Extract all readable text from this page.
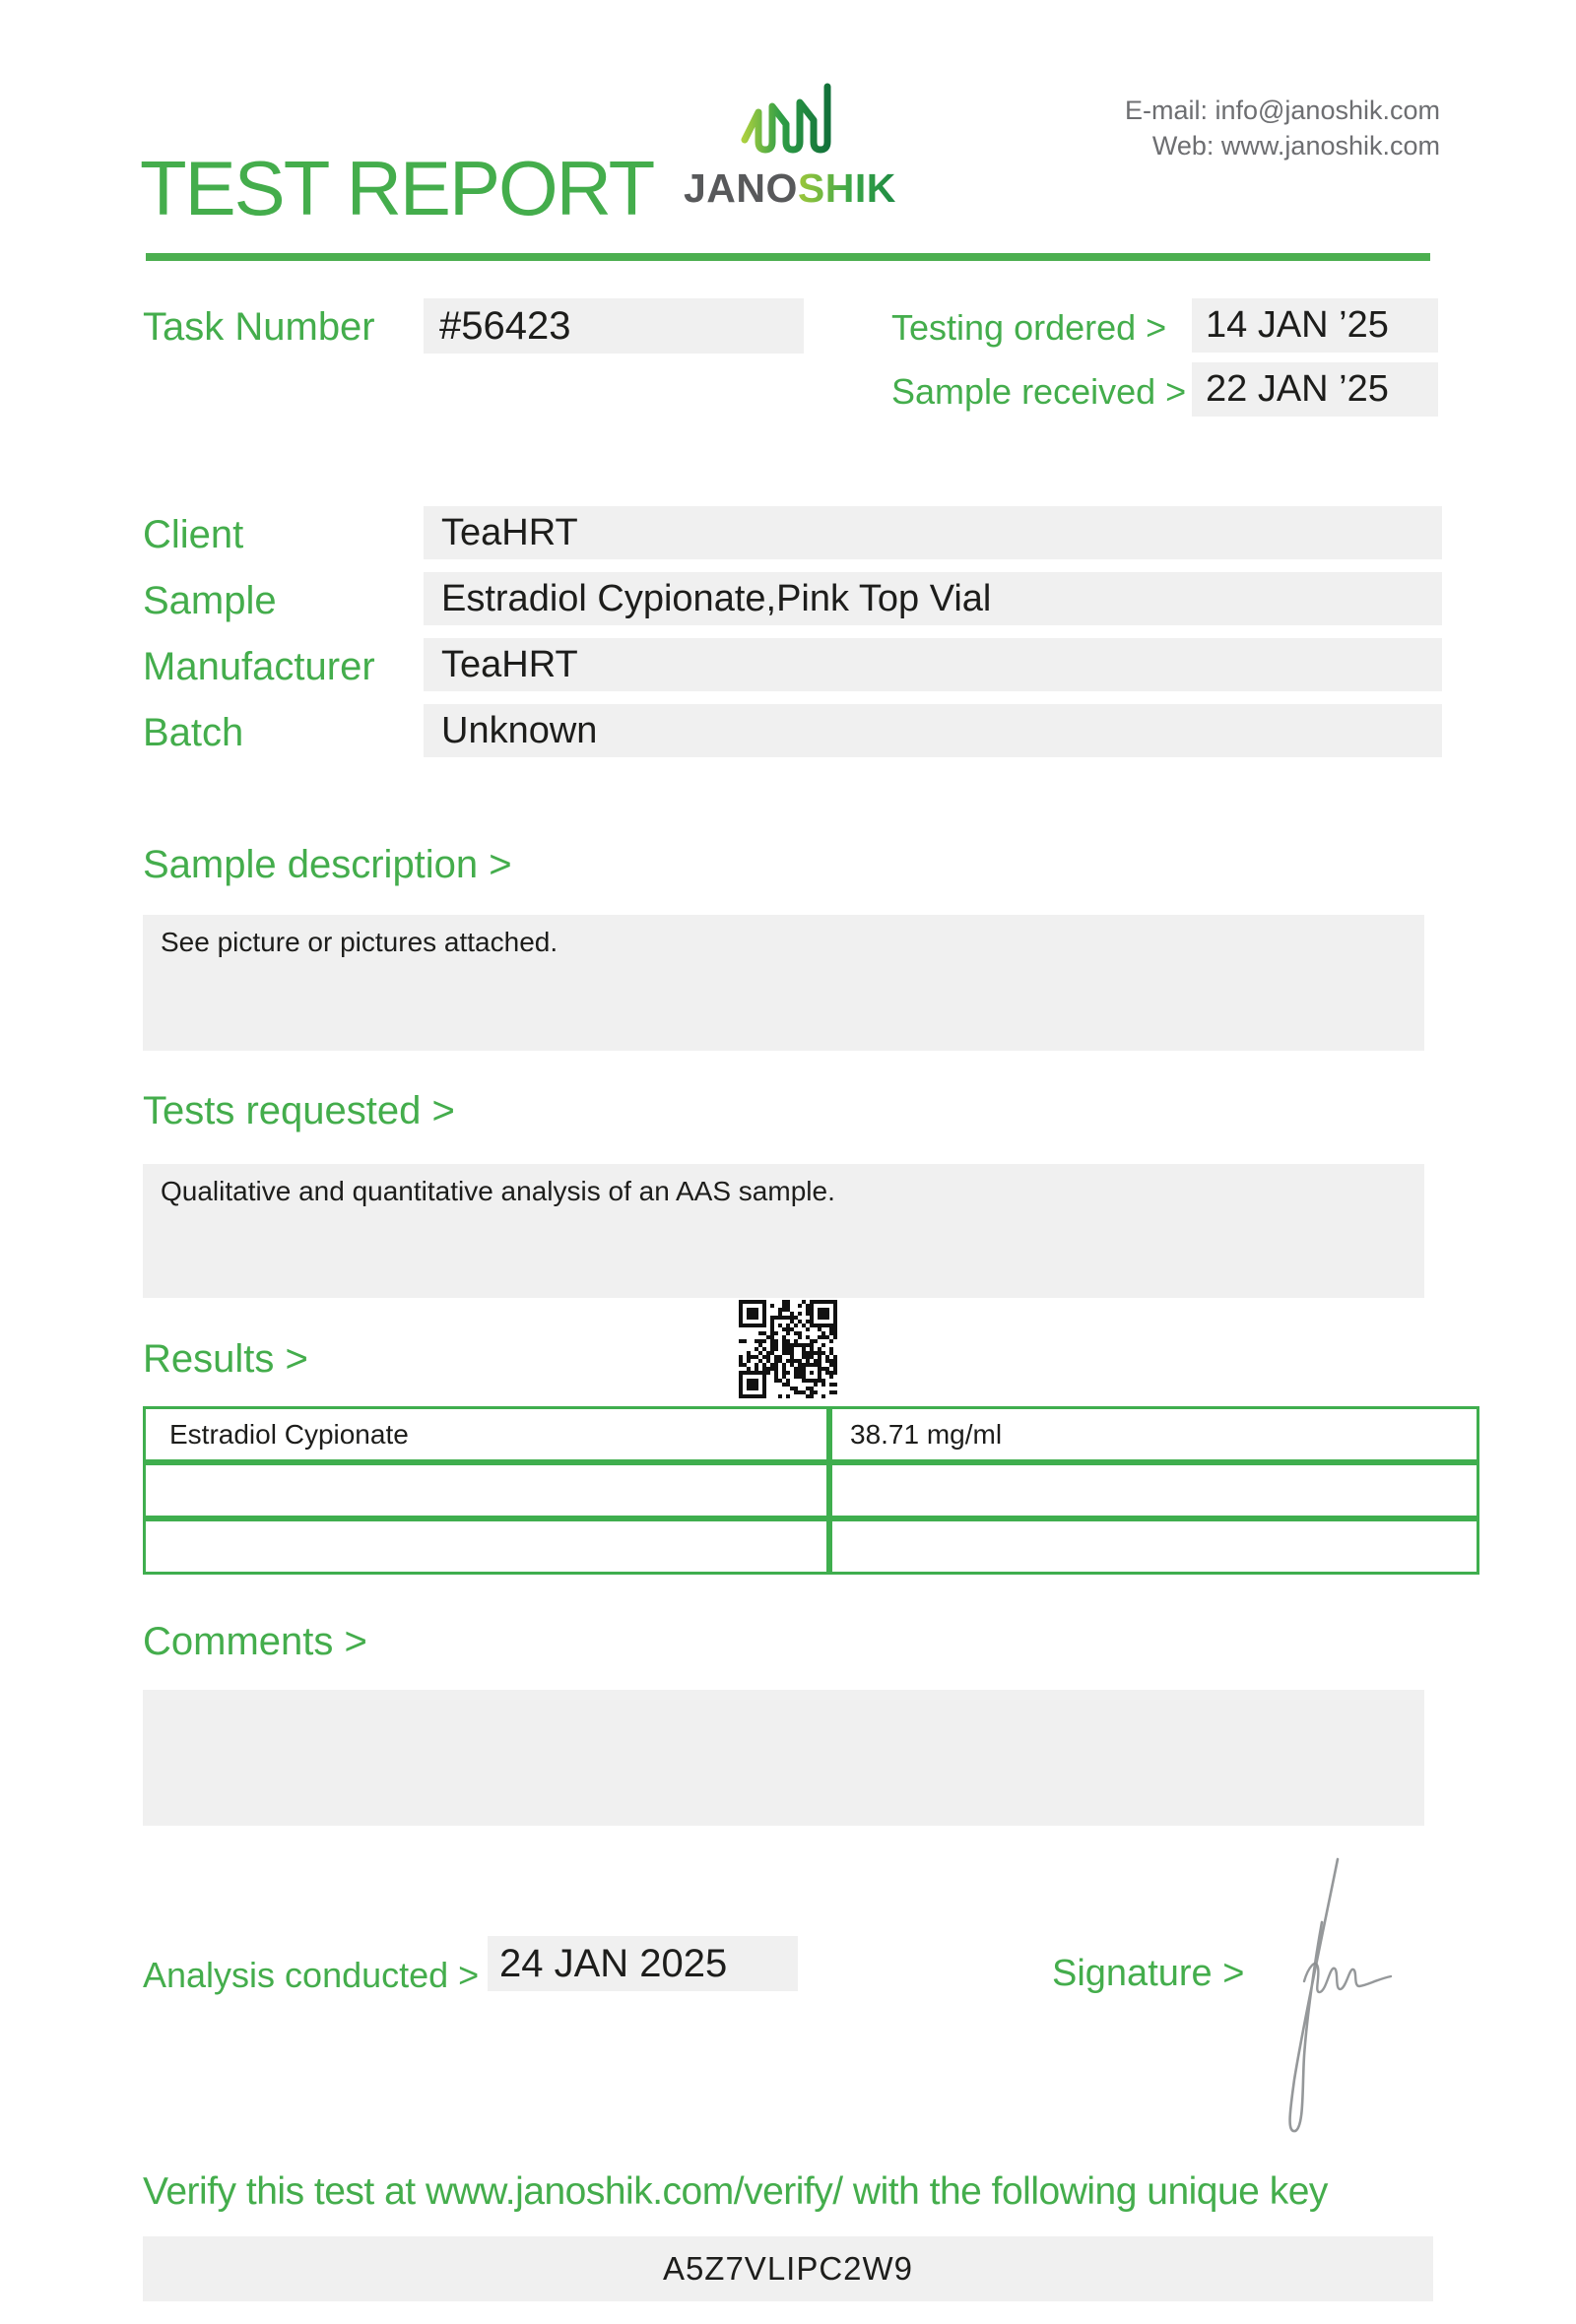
TEST REPORT JANOSHIK
E-mail: info@janoshik.com
Web: www.janoshik.com
Task Number	#56423	Testing ordered >	14 JAN ’25
Sample received > 22 JAN ’25
Client	TeaHRT
Sample	Estradiol Cypionate,Pink Top Vial
Manufacturer	TeaHRT
Batch	Unknown
Sample description >
See picture or pictures attached.
Tests requested >
Qualitative and quantitative analysis of an AAS sample.
Results >
Estradiol Cypionate	38.71 mg/ml

Comments >
Analysis conducted > 24 JAN 2025	Signature >
Verify this test at www.janoshik.com/verify/ with the following unique key
A5Z7VLIPC2W9
